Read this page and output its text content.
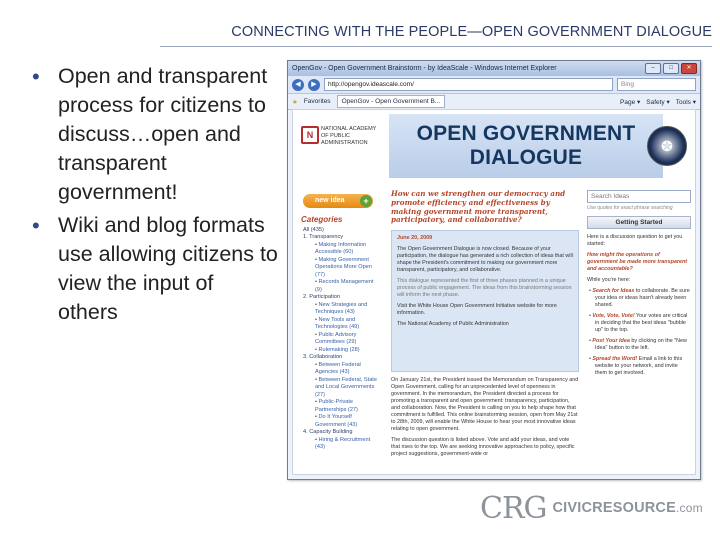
CONNECTING WITH THE PEOPLE—OPEN GOVERNMENT DIALOGUE
• Open and transparent process for citizens to discuss…open and transparent government!
• Wiki and blog formats use allowing citizens to view the input of others
OpenGov - Open Government Brainstorm - by IdeaScale - Windows Internet Explorer	–	□	✕
◀	▶	http://opengov.ideascale.com/	Bing
★ Favorites	OpenGov - Open Government B...	Page ▾ Safety ▾ Tools ▾
N
NATIONAL ACADEMY OF PUBLIC ADMINISTRATION	OPEN GOVERNMENT
DIALOGUE	✪
new idea	+
Categories
All (435)
1. Transparency
• Making Information Accessible (60)
• Making Government Operations More Open (77)
• Records Management (9)
2. Participation
• New Strategies and Techniques (43)
• New Tools and Technologies (49)
• Public Advisory Committees (29)
• Rulemaking (28)
3. Collaboration
• Between Federal Agencies (43)
• Between Federal, State and Local Governments (27)
• Public-Private Partnerships (27)
• Do It Yourself Government (43)
4. Capacity Building
• Hiring & Recruitment (43)
How can we strengthen our democracy and promote efficiency and effectiveness by making government more transparent, participatory, and collaborative?
June 20, 2009

The Open Government Dialogue is now closed. Because of your participation, the dialogue has generated a rich collection of ideas that will shape the President's commitment to making our government more transparent, participatory, and collaborative.

This dialogue represented the first of three phases planned in a unique process of public engagement. The ideas from this brainstorming session will inform the next phase.

Visit the White House Open Government Initiative website for more information.

The National Academy of Public Administration

On January 21st, the President issued the Memorandum on Transparency and Open Government, calling for an unprecedented level of openness in government. In the memorandum, the President directed a process for promoting a transparent and open government: transparency, participation, and collaboration. Now, the President is calling on you to help shape how that commitment is fulfilled. This online brainstorming session, open from May 21st to 28th, 2009, will enable the White House to hear your most innovative ideas relating to open government.

The discussion question is listed above. Vote and add your ideas, and vote that rises to the top. We are seeking innovative approaches to policy, specific project suggestions, government-wide or

Search Ideas
Use quotes for exact phrase searching
Getting Started

Here is a discussion question to get you started:

How might the operations of government be made more transparent and accountable?

While you're here:

• Search for Ideas to collaborate. Be sure your idea or ideas hasn't already been shared.
• Vote, Vote, Vote! Your votes are critical in deciding that the best ideas "bubble up" to the top.
• Post Your Idea by clicking on the "New Idea" button to the left.
• Spread the Word! Email a link to this website to your network, and invite them to get involved.
CRG CIVICRESOURCE.com
